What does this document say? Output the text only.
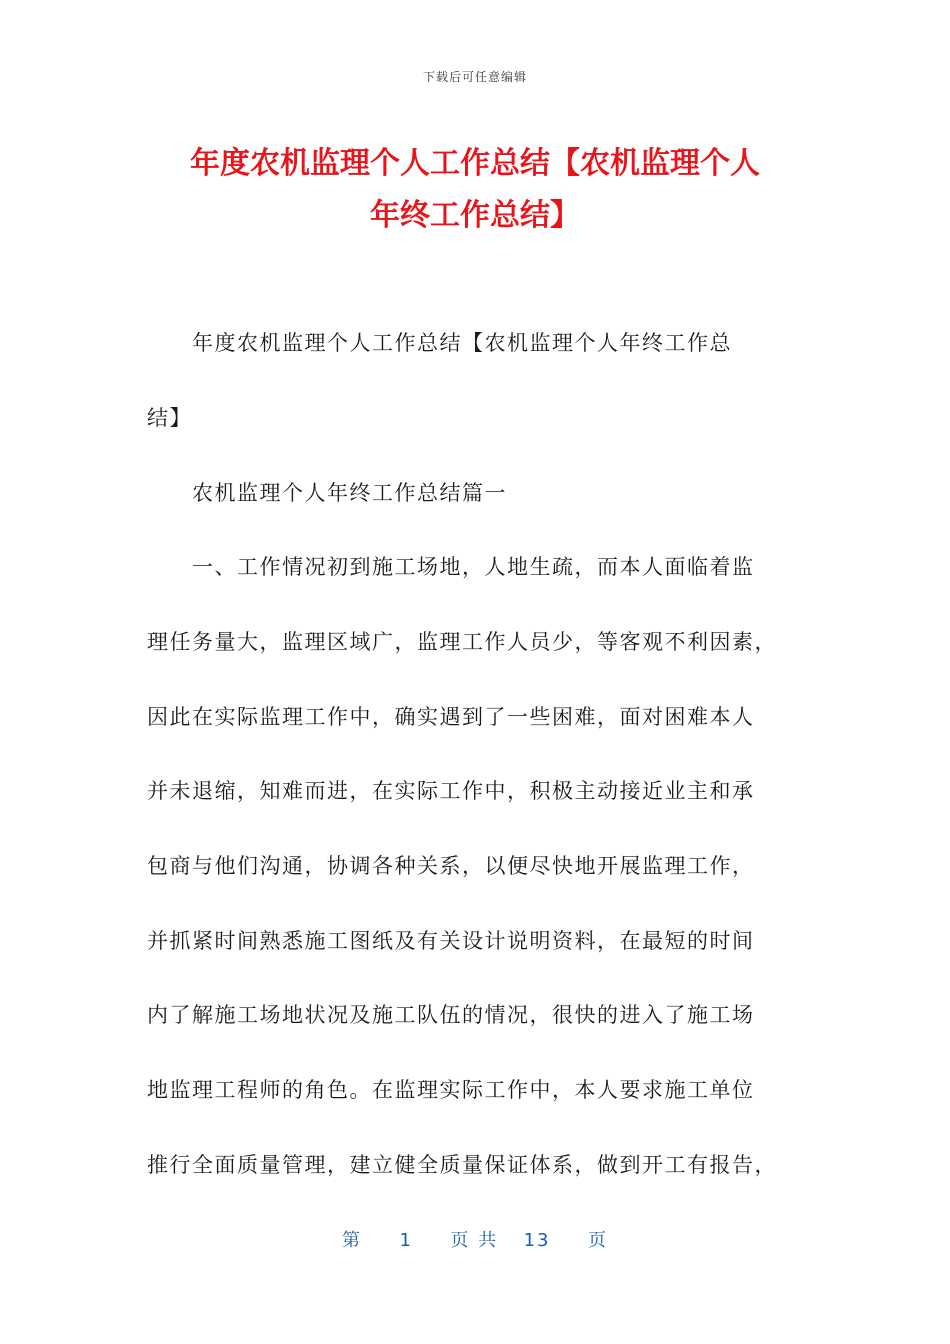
下载后可任意编辑
年度农机监理个人工作总结【农机监理个人
年终工作总结】
　　年度农机监理个人工作总结【农机监理个人年终工作总
结】
　　农机监理个人年终工作总结篇一
　　一、工作情况初到施工场地，人地生疏，而本人面临着监
理任务量大，监理区域广，监理工作人员少，等客观不利因素，
因此在实际监理工作中，确实遇到了一些困难，面对困难本人
并未退缩，知难而进，在实际工作中，积极主动接近业主和承
包商与他们沟通，协调各种关系，以便尽快地开展监理工作，
并抓紧时间熟悉施工图纸及有关设计说明资料，在最短的时间
内了解施工场地状况及施工队伍的情况，很快的进入了施工场
地监理工程师的角色。在监理实际工作中，本人要求施工单位
推行全面质量管理，建立健全质量保证体系，做到开工有报告，
第 1 页 共 13 页
